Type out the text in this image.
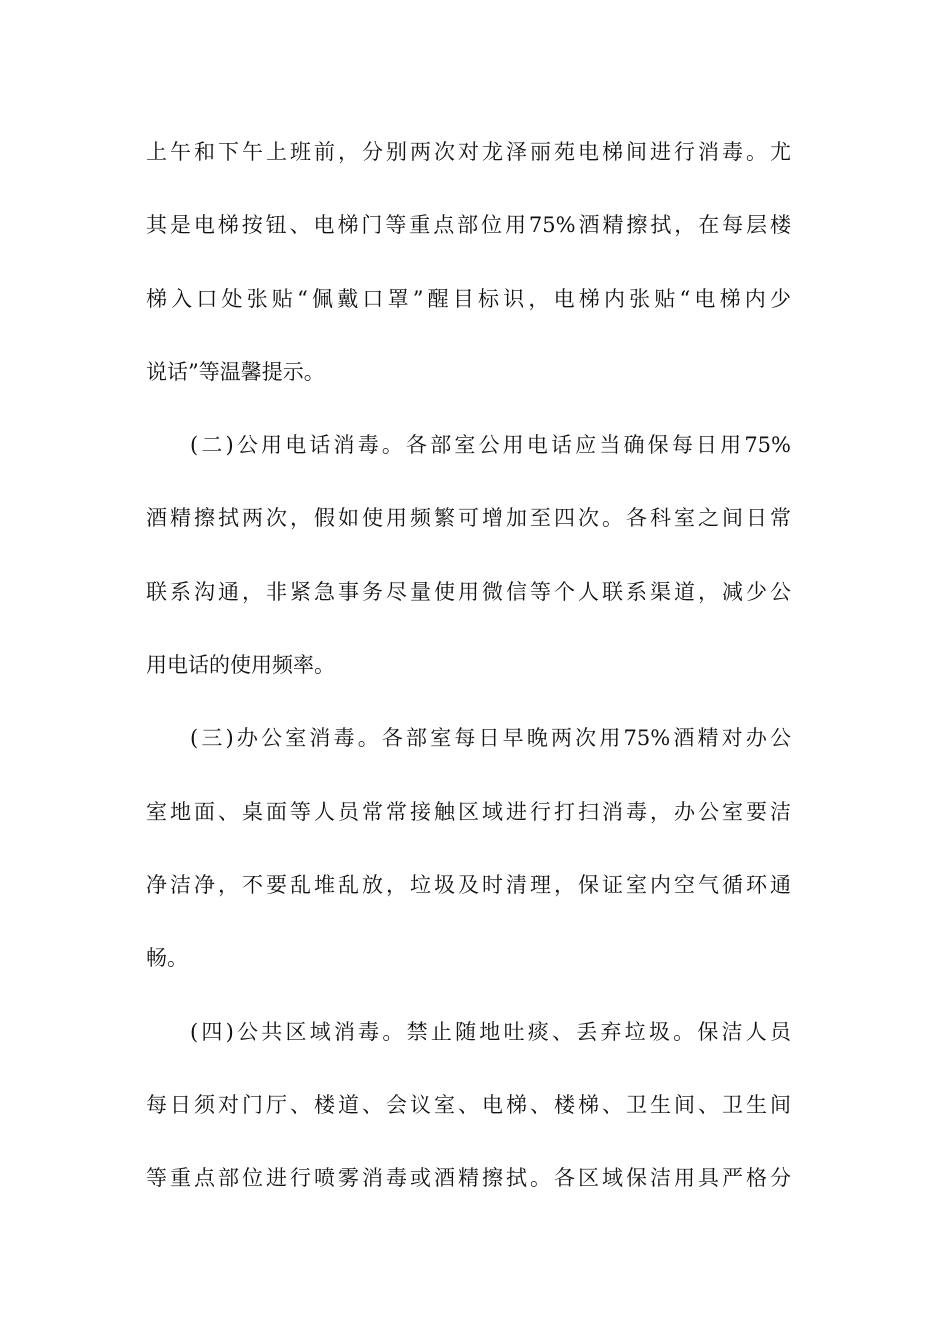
上午和下午上班前，分别两次对龙泽丽苑电梯间进行消毒。尤
其是电梯按钮、电梯门等重点部位用75%酒精擦拭，在每层楼
梯入口处张贴“佩戴口罩”醒目标识，电梯内张贴“电梯内少
说话”等温馨提示。
(二)公用电话消毒。各部室公用电话应当确保每日用75%
酒精擦拭两次，假如使用频繁可增加至四次。各科室之间日常
联系沟通，非紧急事务尽量使用微信等个人联系渠道，减少公
用电话的使用频率。
(三)办公室消毒。各部室每日早晚两次用75%酒精对办公
室地面、桌面等人员常常接触区域进行打扫消毒，办公室要洁
净洁净，不要乱堆乱放，垃圾及时清理，保证室内空气循环通
畅。
(四)公共区域消毒。禁止随地吐痰、丢弃垃圾。保洁人员
每日须对门厅、楼道、会议室、电梯、楼梯、卫生间、卫生间
等重点部位进行喷雾消毒或酒精擦拭。各区域保洁用具严格分
